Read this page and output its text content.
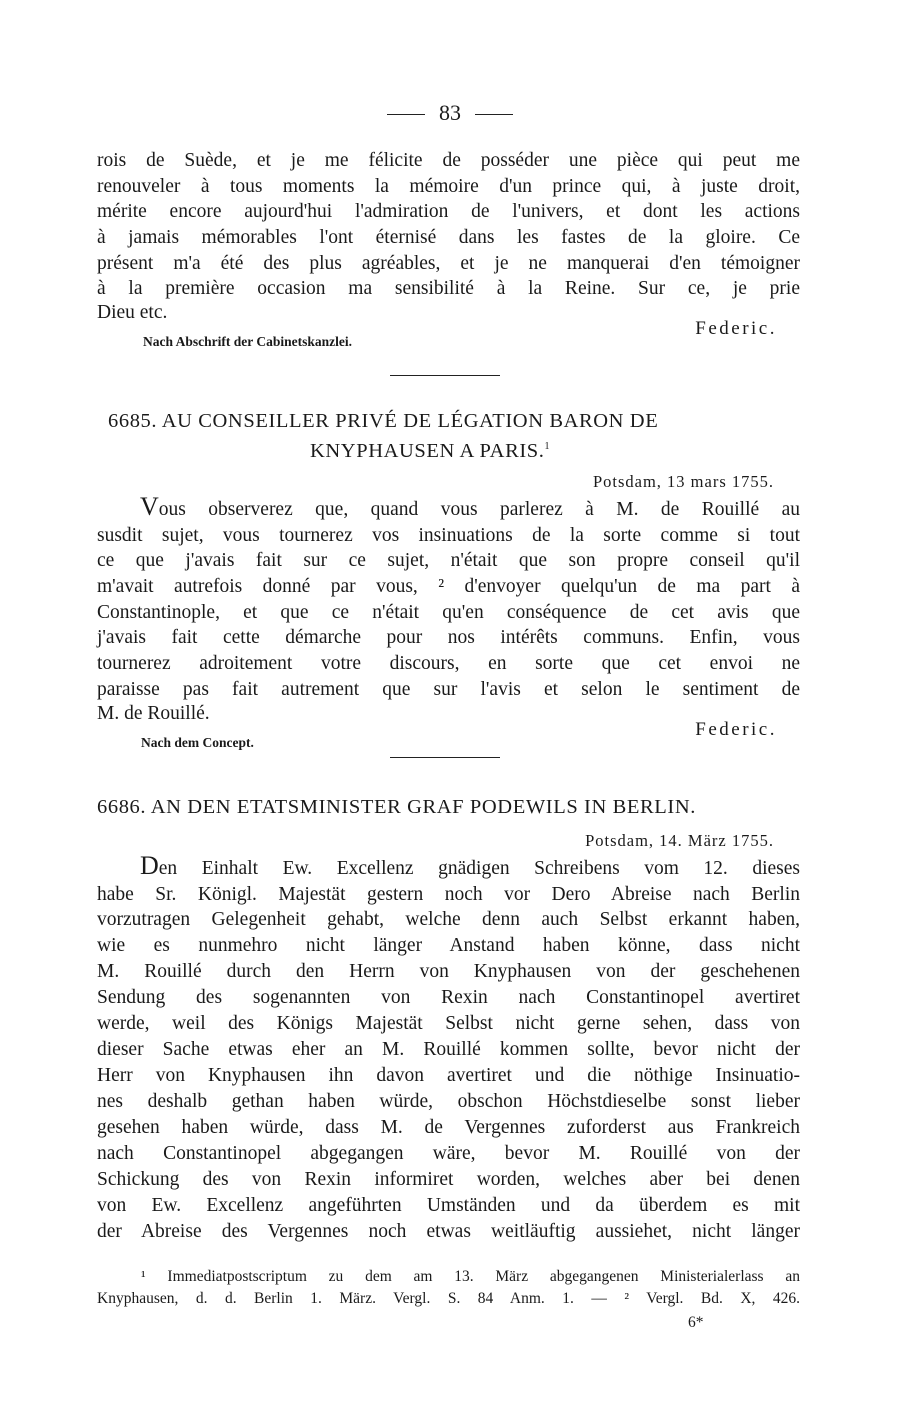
83
rois de Suède, et je me félicite de posséder une pièce qui peut me
renouveler à tous moments la mémoire d'un prince qui, à juste droit,
mérite encore aujourd'hui l'admiration de l'univers, et dont les actions
à jamais mémorables l'ont éternisé dans les fastes de la gloire. Ce
présent m'a été des plus agréables, et je ne manquerai d'en témoigner
à la première occasion ma sensibilité à la Reine. Sur ce, je prie
Dieu etc.
Federic.
Nach Abschrift der Cabinetskanzlei.
6685. AU CONSEILLER PRIVÉ DE LÉGATION BARON DE
KNYPHAUSEN A PARIS.$^1$
Potsdam, 13 mars 1755.
Vous observerez que, quand vous parlerez à M. de Rouillé au
susdit sujet, vous tournerez vos insinuations de la sorte comme si tout
ce que j'avais fait sur ce sujet, n'était que son propre conseil qu'il
m'avait autrefois donné par vous, ² d'envoyer quelqu'un de ma part à
Constantinople, et que ce n'était qu'en conséquence de cet avis que
j'avais fait cette démarche pour nos intérêts communs. Enfin, vous
tournerez adroitement votre discours, en sorte que cet envoi ne
paraisse pas fait autrement que sur l'avis et selon le sentiment de
M. de Rouillé.
Federic.
Nach dem Concept.
6686. AN DEN ETATSMINISTER GRAF PODEWILS IN BERLIN.
Potsdam, 14. März 1755.
Den Einhalt Ew. Excellenz gnädigen Schreibens vom 12. dieses
habe Sr. Königl. Majestät gestern noch vor Dero Abreise nach Berlin
vorzutragen Gelegenheit gehabt, welche denn auch Selbst erkannt haben,
wie es nunmehro nicht länger Anstand haben könne, dass nicht
M. Rouillé durch den Herrn von Knyphausen von der geschehenen
Sendung des sogenannten von Rexin nach Constantinopel avertiret
werde, weil des Königs Majestät Selbst nicht gerne sehen, dass von
dieser Sache etwas eher an M. Rouillé kommen sollte, bevor nicht der
Herr von Knyphausen ihn davon avertiret und die nöthige Insinuatio-
nes deshalb gethan haben würde, obschon Höchstdieselbe sonst lieber
gesehen haben würde, dass M. de Vergennes zuforderst aus Frankreich
nach Constantinopel abgegangen wäre, bevor M. Rouillé von der
Schickung des von Rexin informiret worden, welches aber bei denen
von Ew. Excellenz angeführten Umständen und da überdem es mit
der Abreise des Vergennes noch etwas weitläuftig aussiehet, nicht länger
¹ Immediatpostscriptum zu dem am 13. März abgegangenen Ministerialerlass an
Knyphausen, d. d. Berlin 1. März. Vergl. S. 84 Anm. 1. — ² Vergl. Bd. X, 426.
6*
